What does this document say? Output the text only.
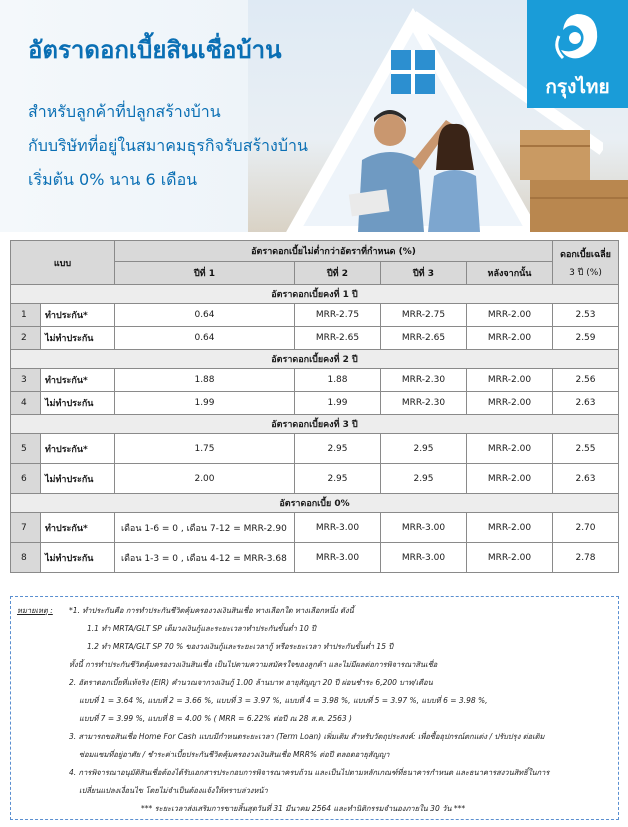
กรุงไทย
อัตราดอกเบี้ยสินเชื่อบ้าน
สำหรับลูกค้าที่ปลูกสร้างบ้าน
กับบริษัทที่อยู่ในสมาคมธุรกิจรับสร้างบ้าน
เริ่มต้น 0% นาน 6 เดือน
แบบ		อัตราดอกเบี้ยไม่ต่ำกว่าอัตราที่กำหนด (%)				ดอกเบี้ยเฉลี่ย
3 ปี (%)

		ปีที่ 1	ปีที่ 2	ปีที่ 3	หลังจากนั้น	
อัตราดอกเบี้ยคงที่ 1 ปี						
1	ทำประกัน*	0.64	MRR-2.75	MRR-2.75	MRR-2.00	2.53
2	ไม่ทำประกัน	0.64	MRR-2.65	MRR-2.65	MRR-2.00	2.59
อัตราดอกเบี้ยคงที่ 2 ปี						
3	ทำประกัน*	1.88	1.88	MRR-2.30	MRR-2.00	2.56
4	ไม่ทำประกัน	1.99	1.99	MRR-2.30	MRR-2.00	2.63
อัตราดอกเบี้ยคงที่ 3 ปี						
5	ทำประกัน*	1.75	2.95	2.95	MRR-2.00	2.55
6	ไม่ทำประกัน	2.00	2.95	2.95	MRR-2.00	2.63
อัตราดอกเบี้ย 0%						
7	ทำประกัน*	เดือน 1-6 = 0 , เดือน 7-12 = MRR-2.90	MRR-3.00	MRR-3.00	MRR-2.00	2.70
8	ไม่ทำประกัน	เดือน 1-3 = 0 , เดือน 4-12 = MRR-3.68	MRR-3.00	MRR-3.00	MRR-2.00	2.78
หมายเหตุ : *1. ทำประกันคือ การทำประกันชีวิตคุ้มครองวงเงินสินเชื่อ ทางเลือกใด ทางเลือกหนึ่ง ดังนี้
1.1 ทำ MRTA/GLT SP เต็มวงเงินกู้และระยะเวลาทำประกันขั้นต่ำ 10 ปี
1.2 ทำ MRTA/GLT SP 70 % ของวงเงินกู้และระยะเวลากู้ หรือระยะเวลา ทำประกันขั้นต่ำ 15 ปี
ทั้งนี้ การทำประกันชีวิตคุ้มครองวงเงินสินเชื่อ เป็นไปตามความสมัครใจของลูกค้า และไม่มีผลต่อการพิจารณาสินเชื่อ
2. อัตราดอกเบี้ยที่แท้จริง (EIR) คำนวณจากวงเงินกู้ 1.00 ล้านบาท อายุสัญญา 20 ปี ผ่อนชำระ 6,200 บาท/เดือน
แบบที่ 1 = 3.64 %, แบบที่ 2 = 3.66 %, แบบที่ 3 = 3.97 %, แบบที่ 4 = 3.98 %, แบบที่ 5 = 3.97 %, แบบที่ 6 = 3.98 %,
แบบที่ 7 = 3.99 %, แบบที่ 8 = 4.00 % ( MRR = 6.22% ต่อปี ณ 28 ส.ค. 2563 )
3. สามารถขอสินเชื่อ Home For Cash แบบมีกำหนดระยะเวลา (Term Loan) เพิ่มเติม สำหรับวัตถุประสงค์: เพื่อซื้ออุปกรณ์ตกแต่ง / ปรับปรุง ต่อเติม
ซ่อมแซมที่อยู่อาศัย / ชำระค่าเบี้ยประกันชีวิตคุ้มครองวงเงินสินเชื่อ MRR% ต่อปี ตลอดอายุสัญญา
4. การพิจารณาอนุมัติสินเชื่อต้องได้รับเอกสารประกอบการพิจารณาครบถ้วน และเป็นไปตามหลักเกณฑ์ที่ธนาคารกำหนด และธนาคารสงวนสิทธิ์ในการ
เปลี่ยนแปลงเงื่อนไข โดยไม่จำเป็นต้องแจ้งให้ทราบล่วงหน้า
*** ระยะเวลาส่งเสริมการขายสิ้นสุดวันที่ 31 มีนาคม 2564 และทำนิติกรรมจำนองภายใน 30 วัน ***
